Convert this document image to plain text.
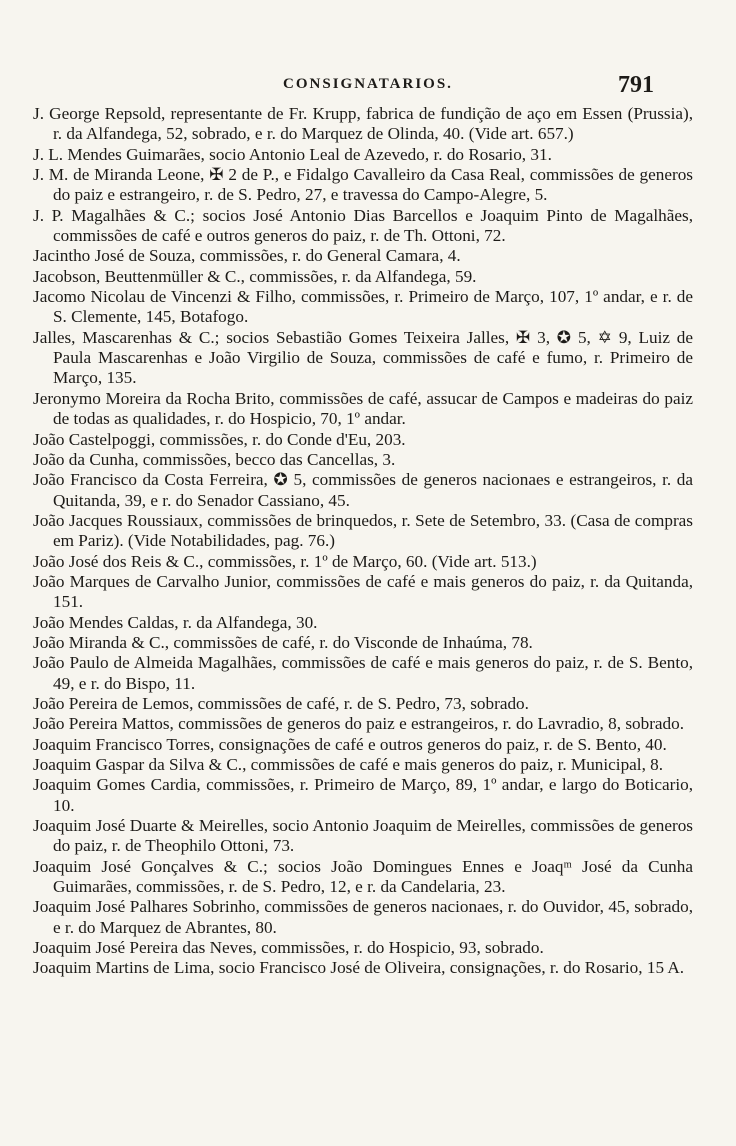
CONSIGNATARIOS.	791

J. George Repsold, representante de Fr. Krupp, fabrica de fundição de aço em Essen (Prussia), r. da Alfandega, 52, sobrado, e r. do Marquez de Olinda, 40. (Vide art. 657.)

J. L. Mendes Guimarães, socio Antonio Leal de Azevedo, r. do Rosario, 31.

J. M. de Miranda Leone, ✠ 2 de P., e Fidalgo Cavalleiro da Casa Real, commissões de generos do paiz e estrangeiro, r. de S. Pedro, 27, e travessa do Campo-Alegre, 5.

J. P. Magalhães & C.; socios José Antonio Dias Barcellos e Joaquim Pinto de Magalhães, commissões de café e outros generos do paiz, r. de Th. Ottoni, 72.

Jacintho José de Souza, commissões, r. do General Camara, 4.

Jacobson, Beuttenmüller & C., commissões, r. da Alfandega, 59.

Jacomo Nicolau de Vincenzi & Filho, commissões, r. Primeiro de Março, 107, 1º andar, e r. de S. Clemente, 145, Botafogo.

Jalles, Mascarenhas & C.; socios Sebastião Gomes Teixeira Jalles, ✠ 3, ✪ 5, ✡ 9, Luiz de Paula Mascarenhas e João Virgilio de Souza, commissões de café e fumo, r. Primeiro de Março, 135.

Jeronymo Moreira da Rocha Brito, commissões de café, assucar de Campos e madeiras do paiz de todas as qualidades, r. do Hospicio, 70, 1º andar.

João Castelpoggi, commissões, r. do Conde d'Eu, 203.

João da Cunha, commissões, becco das Cancellas, 3.

João Francisco da Costa Ferreira, ✪ 5, commissões de generos nacionaes e estrangeiros, r. da Quitanda, 39, e r. do Senador Cassiano, 45.

João Jacques Roussiaux, commissões de brinquedos, r. Sete de Setembro, 33. (Casa de compras em Pariz). (Vide Notabilidades, pag. 76.)

João José dos Reis & C., commissões, r. 1º de Março, 60. (Vide art. 513.)

João Marques de Carvalho Junior, commissões de café e mais generos do paiz, r. da Quitanda, 151.

João Mendes Caldas, r. da Alfandega, 30.

João Miranda & C., commissões de café, r. do Visconde de Inhaúma, 78.

João Paulo de Almeida Magalhães, commissões de café e mais generos do paiz, r. de S. Bento, 49, e r. do Bispo, 11.

João Pereira de Lemos, commissões de café, r. de S. Pedro, 73, sobrado.

João Pereira Mattos, commissões de generos do paiz e estrangeiros, r. do Lavradio, 8, sobrado.

Joaquim Francisco Torres, consignações de café e outros generos do paiz, r. de S. Bento, 40.

Joaquim Gaspar da Silva & C., commissões de café e mais generos do paiz, r. Municipal, 8.

Joaquim Gomes Cardia, commissões, r. Primeiro de Março, 89, 1º andar, e largo do Boticario, 10.

Joaquim José Duarte & Meirelles, socio Antonio Joaquim de Meirelles, commissões de generos do paiz, r. de Theophilo Ottoni, 73.

Joaquim José Gonçalves & C.; socios João Domingues Ennes e Joaqᵐ José da Cunha Guimarães, commissões, r. de S. Pedro, 12, e r. da Candelaria, 23.

Joaquim José Palhares Sobrinho, commissões de generos nacionaes, r. do Ouvidor, 45, sobrado, e r. do Marquez de Abrantes, 80.

Joaquim José Pereira das Neves, commissões, r. do Hospicio, 93, sobrado.

Joaquim Martins de Lima, socio Francisco José de Oliveira, consignações, r. do Rosario, 15 A.
